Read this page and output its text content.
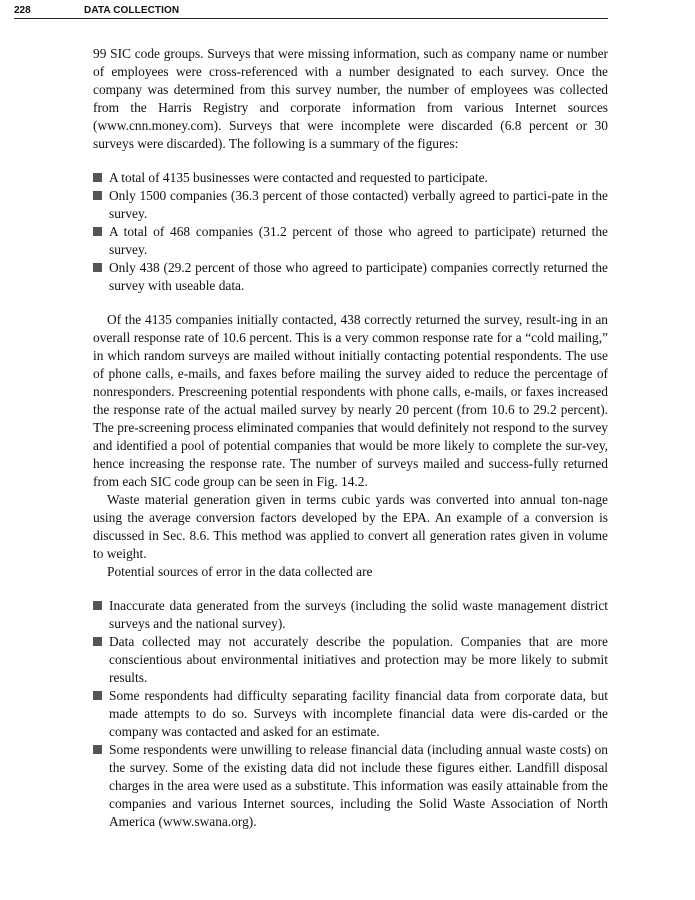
228	DATA COLLECTION

99 SIC code groups. Surveys that were missing information, such as company name or number of employees were cross-referenced with a number designated to each survey. Once the company was determined from this survey number, the number of employees was collected from the Harris Registry and corporate information from various Internet sources (www.cnn.money.com). Surveys that were incomplete were discarded (6.8 percent or 30 surveys were discarded). The following is a summary of the figures:

A total of 4135 businesses were contacted and requested to participate.
Only 1500 companies (36.3 percent of those contacted) verbally agreed to partici-pate in the survey.
A total of 468 companies (31.2 percent of those who agreed to participate) returned the survey.
Only 438 (29.2 percent of those who agreed to participate) companies correctly returned the survey with useable data.

Of the 4135 companies initially contacted, 438 correctly returned the survey, result-ing in an overall response rate of 10.6 percent. This is a very common response rate for a “cold mailing,” in which random surveys are mailed without initially contacting potential respondents. The use of phone calls, e-mails, and faxes before mailing the survey aided to reduce the percentage of nonresponders. Prescreening potential respondents with phone calls, e-mails, or faxes increased the response rate of the actual mailed survey by nearly 20 percent (from 10.6 to 29.2 percent). The pre-screening process eliminated companies that would definitely not respond to the survey and identified a pool of potential companies that would be more likely to complete the sur-vey, hence increasing the response rate. The number of surveys mailed and success-fully returned from each SIC code group can be seen in Fig. 14.2.

Waste material generation given in terms cubic yards was converted into annual ton-nage using the average conversion factors developed by the EPA. An example of a conversion is discussed in Sec. 8.6. This method was applied to convert all generation rates given in volume to weight.

Potential sources of error in the data collected are

Inaccurate data generated from the surveys (including the solid waste management district surveys and the national survey).
Data collected may not accurately describe the population. Companies that are more conscientious about environmental initiatives and protection may be more likely to submit results.
Some respondents had difficulty separating facility financial data from corporate data, but made attempts to do so. Surveys with incomplete financial data were dis-carded or the company was contacted and asked for an estimate.
Some respondents were unwilling to release financial data (including annual waste costs) on the survey. Some of the existing data did not include these figures either. Landfill disposal charges in the area were used as a substitute. This information was easily attainable from the companies and various Internet sources, including the Solid Waste Association of North America (www.swana.org).
